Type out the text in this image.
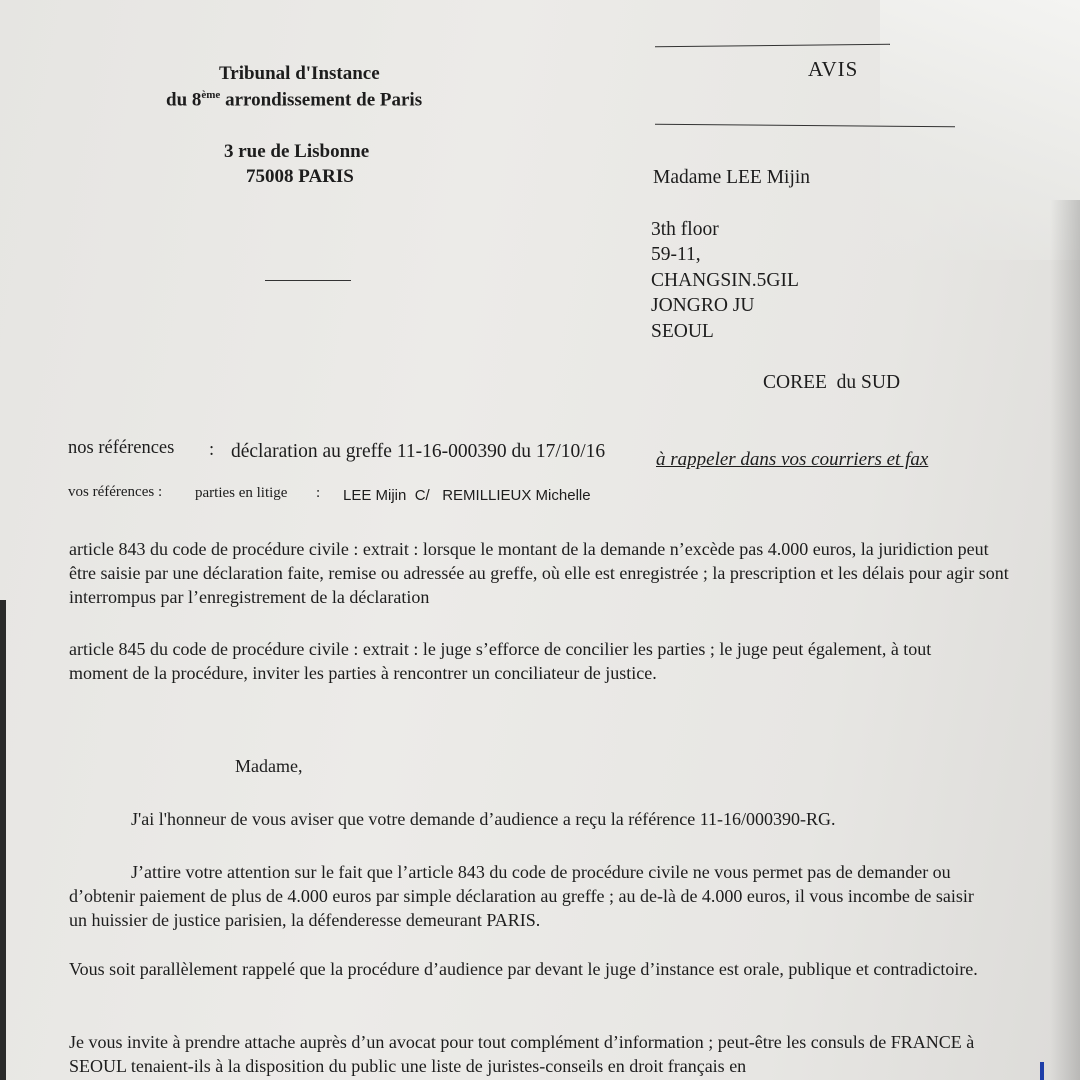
Tribunal d'Instance
du 8ème arrondissement de Paris
3 rue de Lisbonne
75008 PARIS
AVIS
Madame LEE Mijin
3th floor
59-11,
CHANGSIN.5GIL
JONGRO JU
SEOUL
COREE  du SUD
nos références : déclaration au greffe 11-16-000390 du 17/10/16	à rappeler dans vos courriers et fax
vos références : parties en litige : LEE Mijin  C/   REMILLIEUX Michelle
article 843 du code de procédure civile : extrait : lorsque le montant de la demande n’excède pas 4.000 euros, la juridiction peut être saisie par une déclaration faite, remise ou adressée au greffe, où elle est enregistrée ; la prescription et les délais pour agir sont interrompus par l’enregistrement de la déclaration
article 845 du code de procédure civile : extrait : le juge s’efforce de concilier les parties ; le juge peut également, à tout moment de la procédure, inviter les parties à rencontrer un conciliateur de justice.
Madame,
J'ai l'honneur de vous aviser que votre demande d’audience a reçu la référence 11-16/000390-RG.
J’attire votre attention sur le fait que l’article 843 du code de procédure civile ne vous permet pas de demander ou d’obtenir paiement de plus de 4.000 euros par simple déclaration au greffe ; au de-là de 4.000 euros, il vous incombe de saisir un huissier de justice parisien, la défenderesse demeurant PARIS.
Vous soit parallèlement rappelé que la procédure d’audience par devant le juge d’instance est orale, publique et contradictoire.
Je vous invite à prendre attache auprès d’un avocat pour tout complément d’information ; peut-être les consuls de FRANCE à SEOUL tenaient-ils à la disposition du public une liste de juristes-conseils en droit français en
